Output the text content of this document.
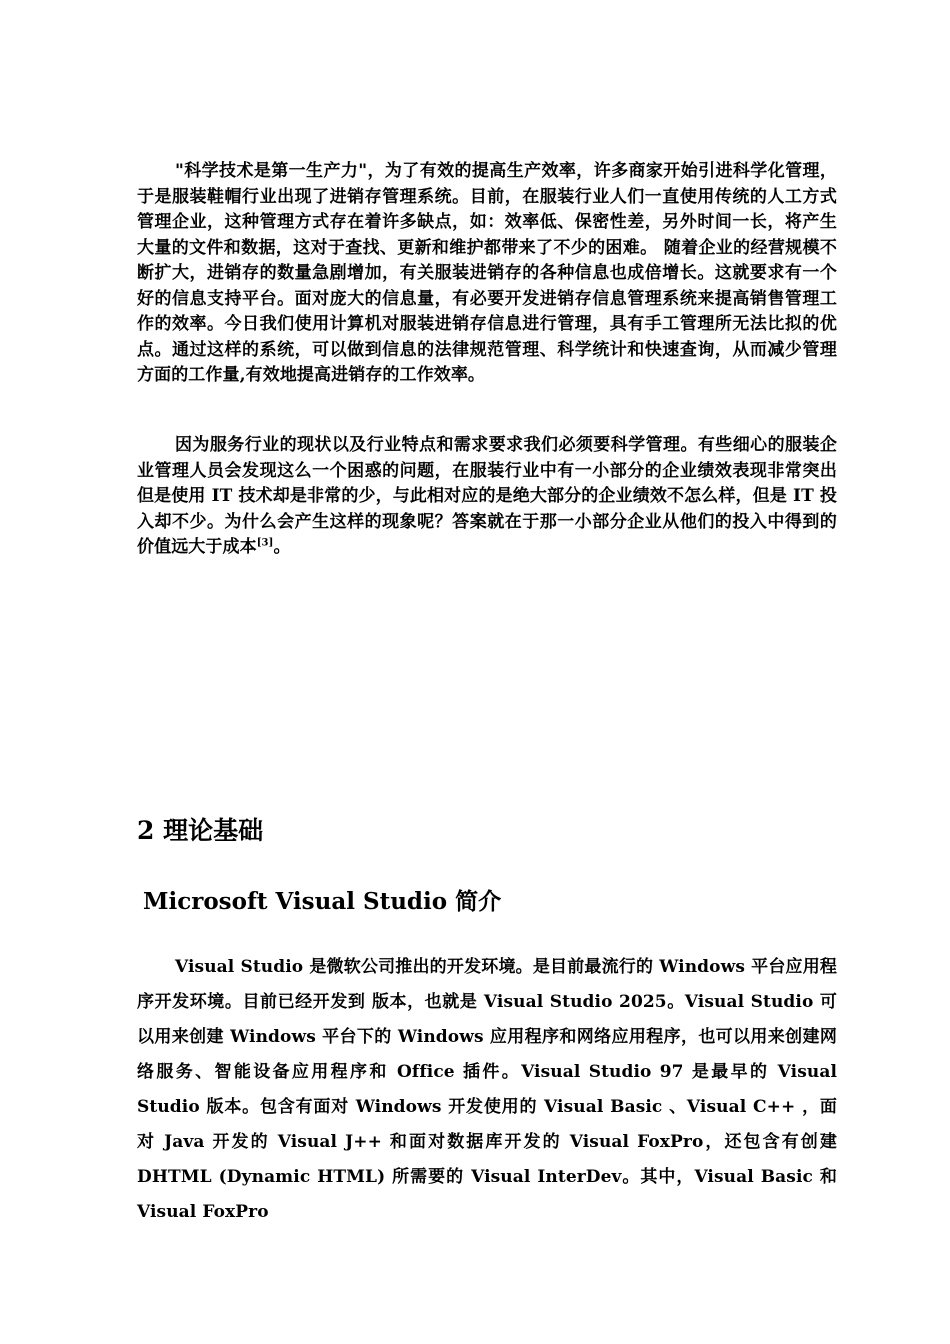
"科学技术是第一生产力"，为了有效的提高生产效率，许多商家开始引进科学化管理，于是服装鞋帽行业出现了进销存管理系统。目前，在服装行业人们一直使用传统的人工方式管理企业，这种管理方式存在着许多缺点，如：效率低、保密性差，另外时间一长，将产生大量的文件和数据，这对于查找、更新和维护都带来了不少的困难。 随着企业的经营规模不断扩大，进销存的数量急剧增加，有关服装进销存的各种信息也成倍增长。这就要求有一个好的信息支持平台。面对庞大的信息量，有必要开发进销存信息管理系统来提高销售管理工作的效率。今日我们使用计算机对服装进销存信息进行管理，具有手工管理所无法比拟的优点。通过这样的系统，可以做到信息的法律规范管理、科学统计和快速查询，从而减少管理方面的工作量,有效地提高进销存的工作效率。

因为服务行业的现状以及行业特点和需求要求我们必须要科学管理。有些细心的服装企业管理人员会发现这么一个困惑的问题，在服装行业中有一小部分的企业绩效表现非常突出但是使用 IT 技术却是非常的少，与此相对应的是绝大部分的企业绩效不怎么样，但是 IT 投入却不少。为什么会产生这样的现象呢？答案就在于那一小部分企业从他们的投入中得到的价值远大于成本[3]。

2 理论基础
Microsoft Visual Studio 简介

Visual Studio 是微软公司推出的开发环境。是目前最流行的 Windows 平台应用程序开发环境。目前已经开发到 版本，也就是 Visual Studio 2025。Visual Studio 可以用来创建 Windows 平台下的 Windows 应用程序和网络应用程序，也可以用来创建网络服务、智能设备应用程序和 Office 插件。Visual Studio 97 是最早的 Visual Studio 版本。包含有面对 Windows 开发使用的 Visual Basic 、Visual C++ ，面对 Java 开发的 Visual J++ 和面对数据库开发的 Visual FoxPro，还包含有创建 DHTML (Dynamic HTML) 所需要的 Visual InterDev。其中，Visual Basic 和 Visual FoxPro
